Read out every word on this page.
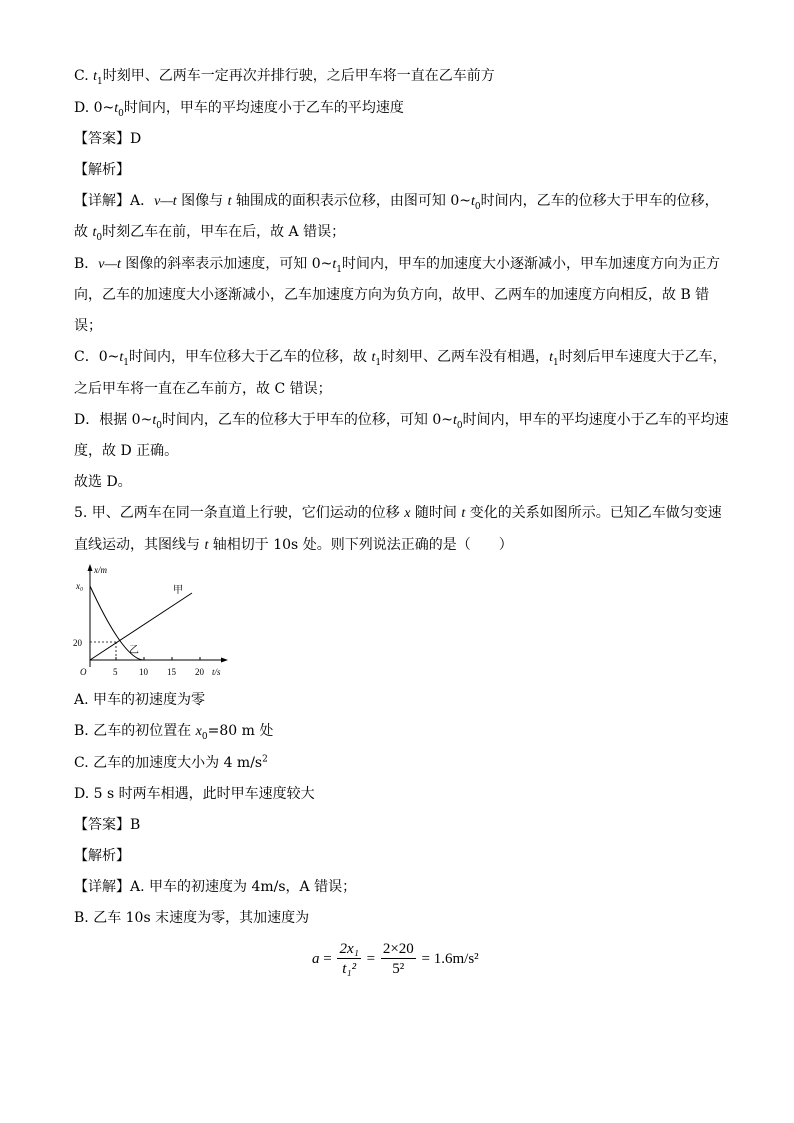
C. $t_1$时刻甲、乙两车一定再次并排行驶，之后甲车将一直在乙车前方
D. $0\sim t_0$时间内，甲车的平均速度小于乙车的平均速度
【答案】D
【解析】
【详解】A．v—t 图像与 t 轴围成的面积表示位移，由图可知 $0\sim t_0$时间内，乙车的位移大于甲车的位移，
故 $t_0$时刻乙车在前，甲车在后，故 A 错误；
B．v—t 图像的斜率表示加速度，可知 $0\sim t_1$时间内，甲车的加速度大小逐渐减小，甲车加速度方向为正方
向，乙车的加速度大小逐渐减小，乙车加速度方向为负方向，故甲、乙两车的加速度方向相反，故 B 错
误；
C．$0\sim t_1$时间内，甲车位移大于乙车的位移，故 $t_1$时刻甲、乙两车没有相遇，$t_1$时刻后甲车速度大于乙车，
之后甲车将一直在乙车前方，故 C 错误；
D．根据 $0\sim t_0$时间内，乙车的位移大于甲车的位移，可知 $0\sim t_0$时间内，甲车的平均速度小于乙车的平均速
度，故 D 正确。
故选 D。
5. 甲、乙两车在同一条直道上行驶，它们运动的位移 x 随时间 t 变化的关系如图所示。已知乙车做匀变速
直线运动，其图线与 t 轴相切于 10s 处。则下列说法正确的是（　　）
x/m
x₀
20
O	5 10 15 20 t/s
甲
乙
A. 甲车的初速度为零
B. 乙车的初位置在 $x_0=80$ m 处
C. 乙车的加速度大小为 4 $m/s^2$
D. 5 s 时两车相遇，此时甲车速度较大
【答案】B
【解析】
【详解】A. 甲车的初速度为 4m/s，A 错误；
B. 乙车 10s 末速度为零，其加速度为
$a = \frac{\text{2x₁}}{\text{t₁²}} = \frac{2\times 20}{\text{5²}} = 1.6m/s^2$
